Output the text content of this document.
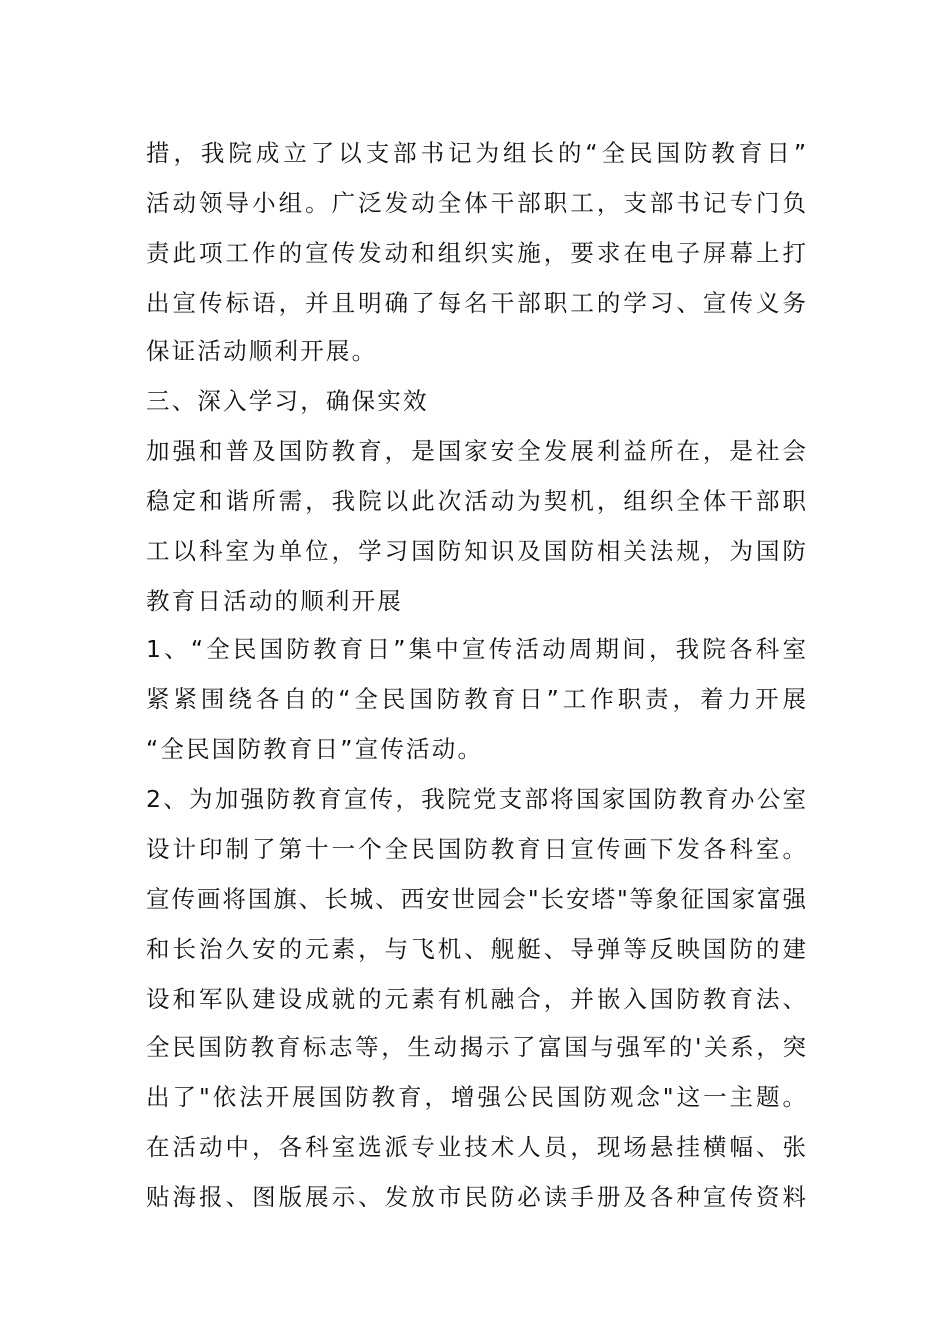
措，我院成立了以支部书记为组长的“全民国防教育日”
活动领导小组。广泛发动全体干部职工，支部书记专门负
责此项工作的宣传发动和组织实施，要求在电子屏幕上打
出宣传标语，并且明确了每名干部职工的学习、宣传义务
保证活动顺利开展。
三、深入学习，确保实效
加强和普及国防教育，是国家安全发展利益所在，是社会
稳定和谐所需，我院以此次活动为契机，组织全体干部职
工以科室为单位，学习国防知识及国防相关法规，为国防
教育日活动的顺利开展
1、“全民国防教育日”集中宣传活动周期间，我院各科室
紧紧围绕各自的“全民国防教育日”工作职责，着力开展
“全民国防教育日”宣传活动。
2、为加强防教育宣传，我院党支部将国家国防教育办公室
设计印制了第十一个全民国防教育日宣传画下发各科室。
宣传画将国旗、长城、西安世园会"长安塔"等象征国家富强
和长治久安的元素，与飞机、舰艇、导弹等反映国防的建
设和军队建设成就的元素有机融合，并嵌入国防教育法、
全民国防教育标志等，生动揭示了富国与强军的'关系，突
出了"依法开展国防教育，增强公民国防观念"这一主题。
在活动中，各科室选派专业技术人员，现场悬挂横幅、张
贴海报、图版展示、发放市民防必读手册及各种宣传资料
